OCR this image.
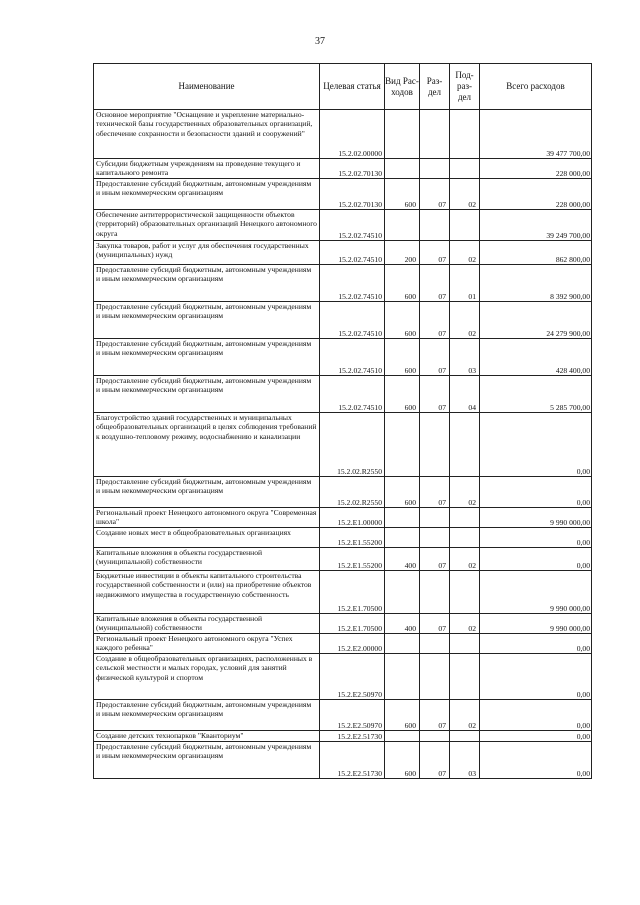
37
Наименование	Целевая статья	Вид Рас- ходов	Раз- дел	Под- раз- дел	Всего расходов
Основное мероприятие "Оснащение и укрепление материально-технической базы государственных образовательных организаций, обеспечение сохранности и безопасности зданий и сооружений"	15.2.02.00000				39 477 700,00
Субсидии бюджетным учреждениям на проведение текущего и капитального ремонта	15.2.02.70130				228 000,00
Предоставление субсидий бюджетным, автономным учреждениям и иным некоммерческим организациям	15.2.02.70130	600	07	02	228 000,00
Обеспечение антитеррористической защищенности объектов (территорий) образовательных организаций Ненецкого автономного округа	15.2.02.74510				39 249 700,00
Закупка товаров, работ и услуг для обеспечения государственных (муниципальных) нужд	15.2.02.74510	200	07	02	862 800,00
Предоставление субсидий бюджетным, автономным учреждениям и иным некоммерческим организациям	15.2.02.74510	600	07	01	8 392 900,00
Предоставление субсидий бюджетным, автономным учреждениям и иным некоммерческим организациям	15.2.02.74510	600	07	02	24 279 900,00
Предоставление субсидий бюджетным, автономным учреждениям и иным некоммерческим организациям	15.2.02.74510	600	07	03	428 400,00
Предоставление субсидий бюджетным, автономным учреждениям и иным некоммерческим организациям	15.2.02.74510	600	07	04	5 285 700,00
Благоустройство зданий государственных и муниципальных общеобразовательных организаций в целях соблюдения требований к воздушно-тепловому режиму, водоснабжению и канализации	15.2.02.R2550				0,00
Предоставление субсидий бюджетным, автономным учреждениям и иным некоммерческим организациям	15.2.02.R2550	600	07	02	0,00
Региональный проект Ненецкого автономного округа "Современная школа"	15.2.E1.00000				9 990 000,00
Создание новых мест в общеобразовательных организациях	15.2.E1.55200				0,00
Капитальные вложения в объекты государственной (муниципальной) собственности	15.2.E1.55200	400	07	02	0,00
Бюджетные инвестиции в объекты капитального строительства государственной собственности и (или) на приобретение объектов недвижимого имущества в государственную собственность	15.2.E1.70500				9 990 000,00
Капитальные вложения в объекты государственной (муниципальной) собственности	15.2.E1.70500	400	07	02	9 990 000,00
Региональный проект Ненецкого автономного округа "Успех каждого ребенка"	15.2.E2.00000				0,00
Создание в общеобразовательных организациях, расположенных в сельской местности и малых городах, условий для занятий физической культурой и спортом	15.2.E2.50970				0,00
Предоставление субсидий бюджетным, автономным учреждениям и иным некоммерческим организациям	15.2.E2.50970	600	07	02	0,00
Создание детских технопарков "Кванториум"	15.2.E2.51730				0,00
Предоставление субсидий бюджетным, автономным учреждениям и иным некоммерческим организациям	15.2.E2.51730	600	07	03	0,00
